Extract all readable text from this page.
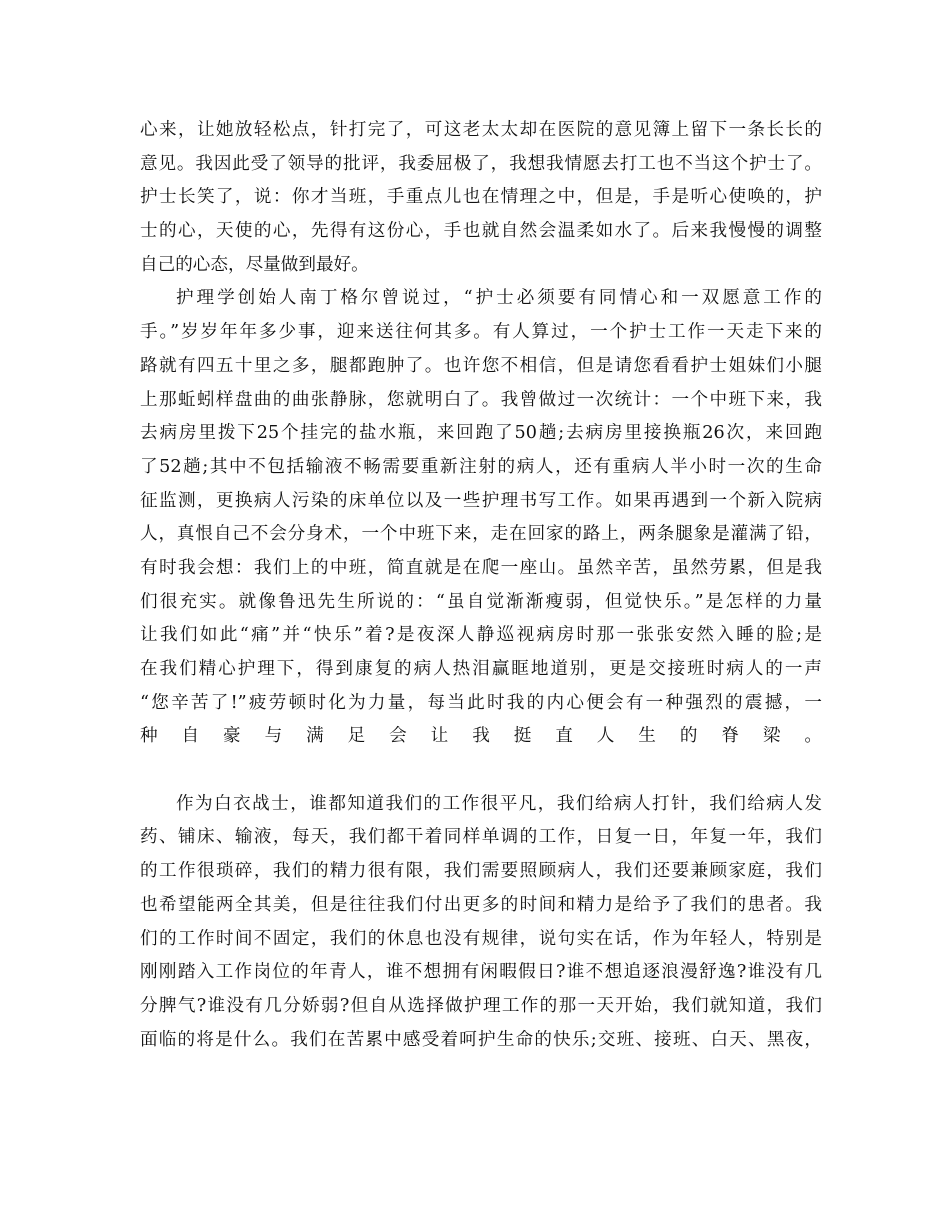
心来，让她放轻松点，针打完了，可这老太太却在医院的意见簿上留下一条长长的
意见。我因此受了领导的批评，我委屈极了，我想我情愿去打工也不当这个护士了。
护士长笑了，说：你才当班，手重点儿也在情理之中，但是，手是听心使唤的，护
士的心，天使的心，先得有这份心，手也就自然会温柔如水了。后来我慢慢的调整
自己的心态，尽量做到最好。
护理学创始人南丁格尔曾说过，“护士必须要有同情心和一双愿意工作的
手。”岁岁年年多少事，迎来送往何其多。有人算过，一个护士工作一天走下来的
路就有四五十里之多，腿都跑肿了。也许您不相信，但是请您看看护士姐妹们小腿
上那蚯蚓样盘曲的曲张静脉，您就明白了。我曾做过一次统计：一个中班下来，我
去病房里拨下25个挂完的盐水瓶，来回跑了50趟;去病房里接换瓶26次，来回跑
了52趟;其中不包括输液不畅需要重新注射的病人，还有重病人半小时一次的生命
征监测，更换病人污染的床单位以及一些护理书写工作。如果再遇到一个新入院病
人，真恨自己不会分身术，一个中班下来，走在回家的路上，两条腿象是灌满了铅，
有时我会想：我们上的中班，简直就是在爬一座山。虽然辛苦，虽然劳累，但是我
们很充实。就像鲁迅先生所说的：“虽自觉渐渐瘦弱，但觉快乐。”是怎样的力量
让我们如此“痛”并“快乐”着?是夜深人静巡视病房时那一张张安然入睡的脸;是
在我们精心护理下，得到康复的病人热泪赢眶地道别，更是交接班时病人的一声
“您辛苦了!”疲劳顿时化为力量，每当此时我的内心便会有一种强烈的震撼，一
种自豪与满足会让我挺直人生的脊梁。
作为白衣战士，谁都知道我们的工作很平凡，我们给病人打针，我们给病人发
药、铺床、输液，每天，我们都干着同样单调的工作，日复一日，年复一年，我们
的工作很琐碎，我们的精力很有限，我们需要照顾病人，我们还要兼顾家庭，我们
也希望能两全其美，但是往往我们付出更多的时间和精力是给予了我们的患者。我
们的工作时间不固定，我们的休息也没有规律，说句实在话，作为年轻人，特别是
刚刚踏入工作岗位的年青人，谁不想拥有闲暇假日?谁不想追逐浪漫舒逸?谁没有几
分脾气?谁没有几分娇弱?但自从选择做护理工作的那一天开始，我们就知道，我们
面临的将是什么。我们在苦累中感受着呵护生命的快乐;交班、接班、白天、黑夜，
